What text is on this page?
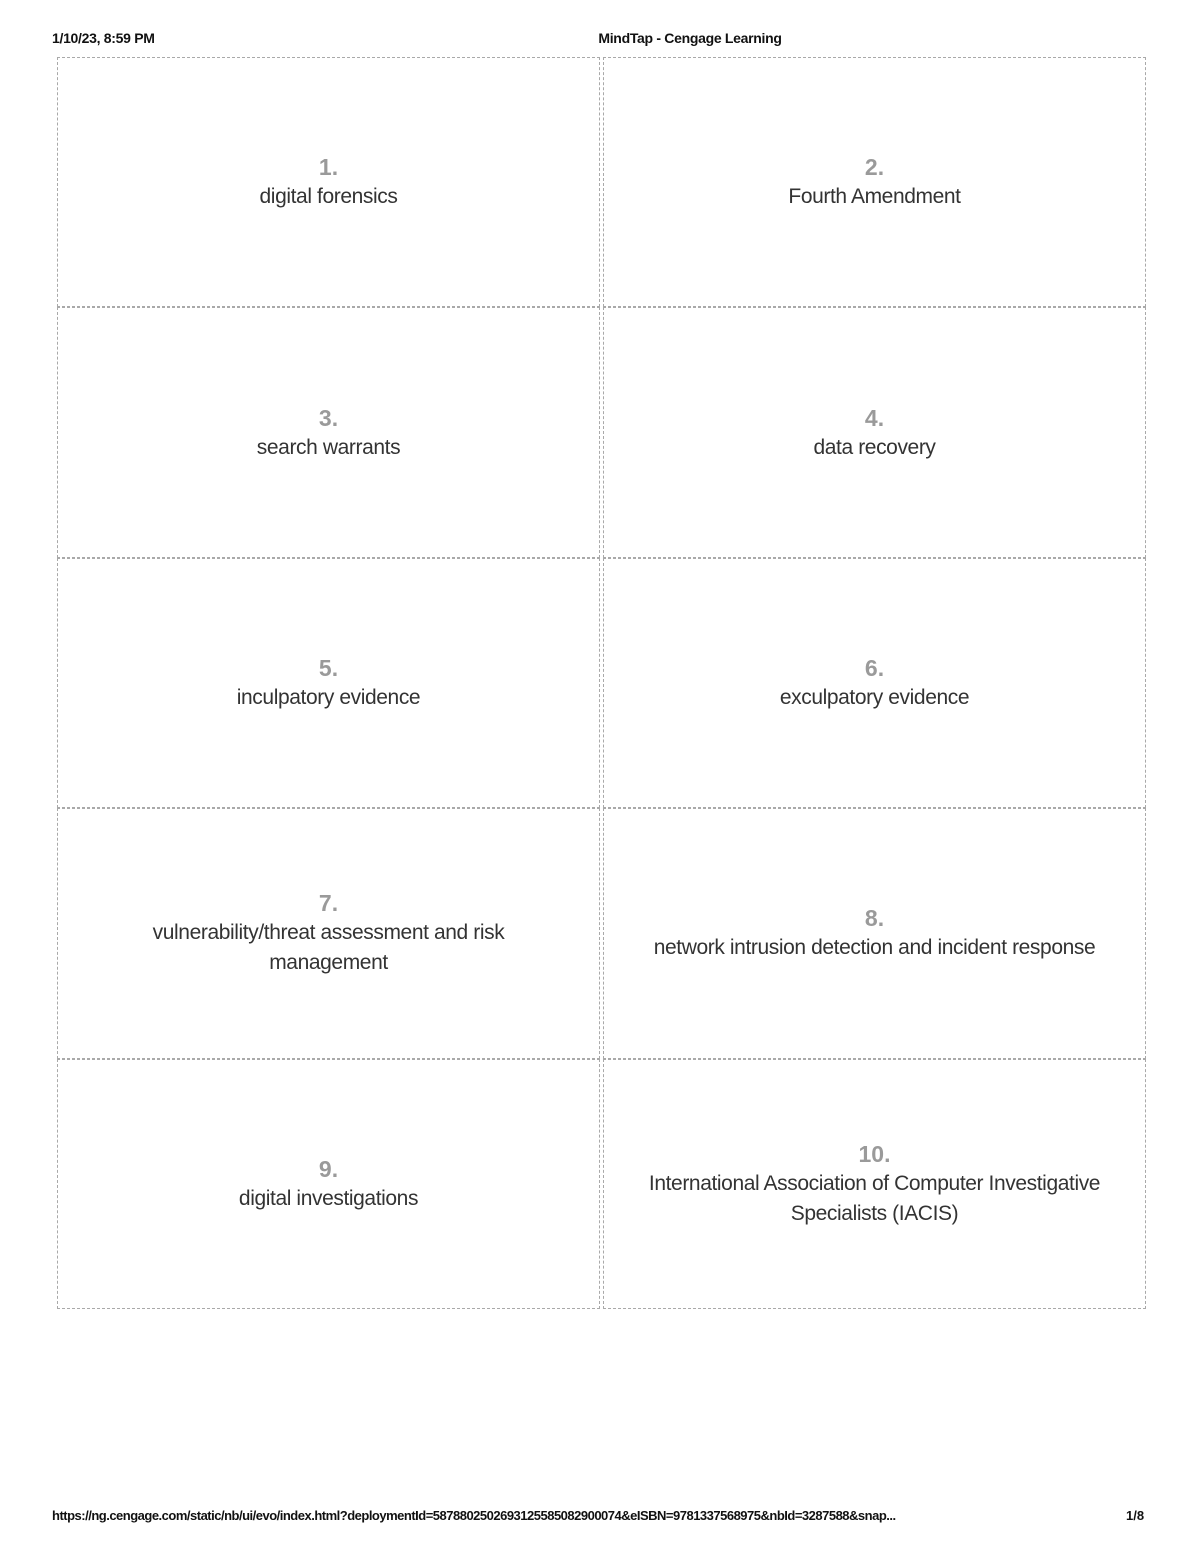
1/10/23, 8:59 PM	MindTap - Cengage Learning
1.
digital forensics
2.
Fourth Amendment
3.
search warrants
4.
data recovery
5.
inculpatory evidence
6.
exculpatory evidence
7.
vulnerability/threat assessment and risk management
8.
network intrusion detection and incident response
9.
digital investigations
10.
International Association of Computer Investigative Specialists (IACIS)
https://ng.cengage.com/static/nb/ui/evo/index.html?deploymentId=5878802502693125585082900074&eISBN=9781337568975&nbId=3287588&snap...	1/8
